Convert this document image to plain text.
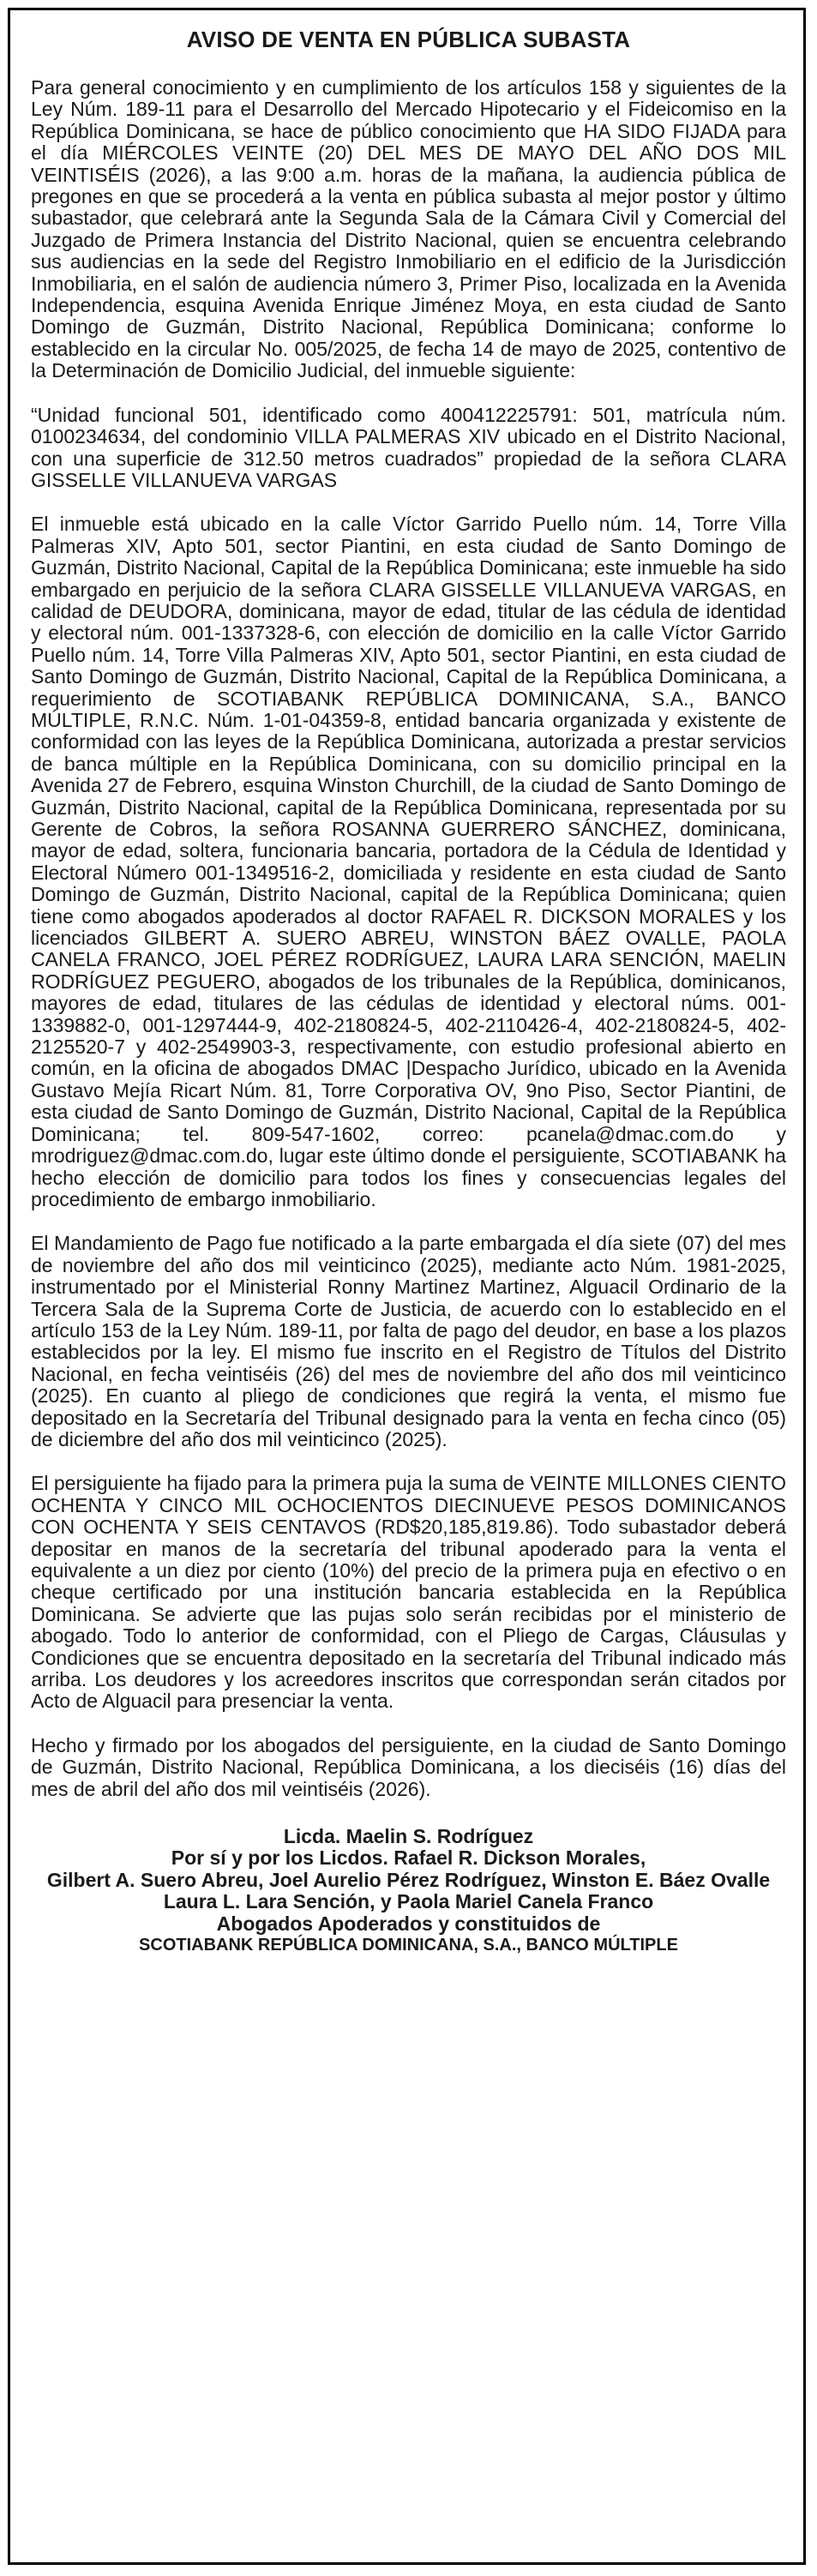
AVISO DE VENTA EN PÚBLICA SUBASTA

Para general conocimiento y en cumplimiento de los artículos 158 y siguientes de la Ley Núm. 189-11 para el Desarrollo del Mercado Hipotecario y el Fideicomiso en la República Dominicana, se hace de público conocimiento que HA SIDO FIJADA para el día MIÉRCOLES VEINTE (20) DEL MES DE MAYO DEL AÑO DOS MIL VEINTISÉIS (2026), a las 9:00 a.m. horas de la mañana, la audiencia pública de pregones en que se procederá a la venta en pública subasta al mejor postor y último subastador, que celebrará ante la Segunda Sala de la Cámara Civil y Comercial del Juzgado de Primera Instancia del Distrito Nacional, quien se encuentra celebrando sus audiencias en la sede del Registro Inmobiliario en el edificio de la Jurisdicción Inmobiliaria, en el salón de audiencia número 3, Primer Piso, localizada en la Avenida Independencia, esquina Avenida Enrique Jiménez Moya, en esta ciudad de Santo Domingo de Guzmán, Distrito Nacional, República Dominicana; conforme lo establecido en la circular No. 005/2025, de fecha 14 de mayo de 2025, contentivo de la Determinación de Domicilio Judicial, del inmueble siguiente:

“Unidad funcional 501, identificado como 400412225791: 501, matrícula núm. 0100234634, del condominio VILLA PALMERAS XIV ubicado en el Distrito Nacional, con una superficie de 312.50 metros cuadrados” propiedad de la señora CLARA GISSELLE VILLANUEVA VARGAS

El inmueble está ubicado en la calle Víctor Garrido Puello núm. 14, Torre Villa Palmeras XIV, Apto 501, sector Piantini, en esta ciudad de Santo Domingo de Guzmán, Distrito Nacional, Capital de la República Dominicana; este inmueble ha sido embargado en perjuicio de la señora CLARA GISSELLE VILLANUEVA VARGAS, en calidad de DEUDORA, dominicana, mayor de edad, titular de las cédula de identidad y electoral núm. 001-1337328-6, con elección de domicilio en la calle Víctor Garrido Puello núm. 14, Torre Villa Palmeras XIV, Apto 501, sector Piantini, en esta ciudad de Santo Domingo de Guzmán, Distrito Nacional, Capital de la República Dominicana, a requerimiento de SCOTIABANK REPÚBLICA DOMINICANA, S.A., BANCO MÚLTIPLE, R.N.C. Núm. 1-01-04359-8, entidad bancaria organizada y existente de conformidad con las leyes de la República Dominicana, autorizada a prestar servicios de banca múltiple en la República Dominicana, con su domicilio principal en la Avenida 27 de Febrero, esquina Winston Churchill, de la ciudad de Santo Domingo de Guzmán, Distrito Nacional, capital de la República Dominicana, representada por su Gerente de Cobros, la señora ROSANNA GUERRERO SÁNCHEZ, dominicana, mayor de edad, soltera, funcionaria bancaria, portadora de la Cédula de Identidad y Electoral Número 001-1349516-2, domiciliada y residente en esta ciudad de Santo Domingo de Guzmán, Distrito Nacional, capital de la República Dominicana; quien tiene como abogados apoderados al doctor RAFAEL R. DICKSON MORALES y los licenciados GILBERT A. SUERO ABREU, WINSTON BÁEZ OVALLE, PAOLA CANELA FRANCO, JOEL PÉREZ RODRÍGUEZ, LAURA LARA SENCIÓN, MAELIN RODRÍGUEZ PEGUERO, abogados de los tribunales de la República, dominicanos, mayores de edad, titulares de las cédulas de identidad y electoral núms. 001-1339882-0, 001-1297444-9, 402-2180824-5, 402-2110426-4, 402-2180824-5, 402-2125520-7 y 402-2549903-3, respectivamente, con estudio profesional abierto en común, en la oficina de abogados DMAC |Despacho Jurídico, ubicado en la Avenida Gustavo Mejía Ricart Núm. 81, Torre Corporativa OV, 9no Piso, Sector Piantini, de esta ciudad de Santo Domingo de Guzmán, Distrito Nacional, Capital de la República Dominicana; tel. 809-547-1602, correo: pcanela@dmac.com.do y mrodriguez@dmac.com.do, lugar este último donde el persiguiente, SCOTIABANK ha hecho elección de domicilio para todos los fines y consecuencias legales del procedimiento de embargo inmobiliario.

El Mandamiento de Pago fue notificado a la parte embargada el día siete (07) del mes de noviembre del año dos mil veinticinco (2025), mediante acto Núm. 1981-2025, instrumentado por el Ministerial Ronny Martinez Martinez, Alguacil Ordinario de la Tercera Sala de la Suprema Corte de Justicia, de acuerdo con lo establecido en el artículo 153 de la Ley Núm. 189-11, por falta de pago del deudor, en base a los plazos establecidos por la ley. El mismo fue inscrito en el Registro de Títulos del Distrito Nacional, en fecha veintiséis (26) del mes de noviembre del año dos mil veinticinco (2025). En cuanto al pliego de condiciones que regirá la venta, el mismo fue depositado en la Secretaría del Tribunal designado para la venta en fecha cinco (05) de diciembre del año dos mil veinticinco (2025).

El persiguiente ha fijado para la primera puja la suma de VEINTE MILLONES CIENTO OCHENTA Y CINCO MIL OCHOCIENTOS DIECINUEVE PESOS DOMINICANOS CON OCHENTA Y SEIS CENTAVOS (RD$20,185,819.86). Todo subastador deberá depositar en manos de la secretaría del tribunal apoderado para la venta el equivalente a un diez por ciento (10%) del precio de la primera puja en efectivo o en cheque certificado por una institución bancaria establecida en la República Dominicana. Se advierte que las pujas solo serán recibidas por el ministerio de abogado. Todo lo anterior de conformidad, con el Pliego de Cargas, Cláusulas y Condiciones que se encuentra depositado en la secretaría del Tribunal indicado más arriba. Los deudores y los acreedores inscritos que correspondan serán citados por Acto de Alguacil para presenciar la venta.

Hecho y firmado por los abogados del persiguiente, en la ciudad de Santo Domingo de Guzmán, Distrito Nacional, República Dominicana, a los dieciséis (16) días del mes de abril del año dos mil veintiséis (2026).

Licda. Maelin S. Rodríguez
Por sí y por los Licdos. Rafael R. Dickson Morales,
Gilbert A. Suero Abreu, Joel Aurelio Pérez Rodríguez, Winston E. Báez Ovalle
Laura L. Lara Sención, y Paola Mariel Canela Franco
Abogados Apoderados y constituidos de
SCOTIABANK REPÚBLICA DOMINICANA, S.A., BANCO MÚLTIPLE
